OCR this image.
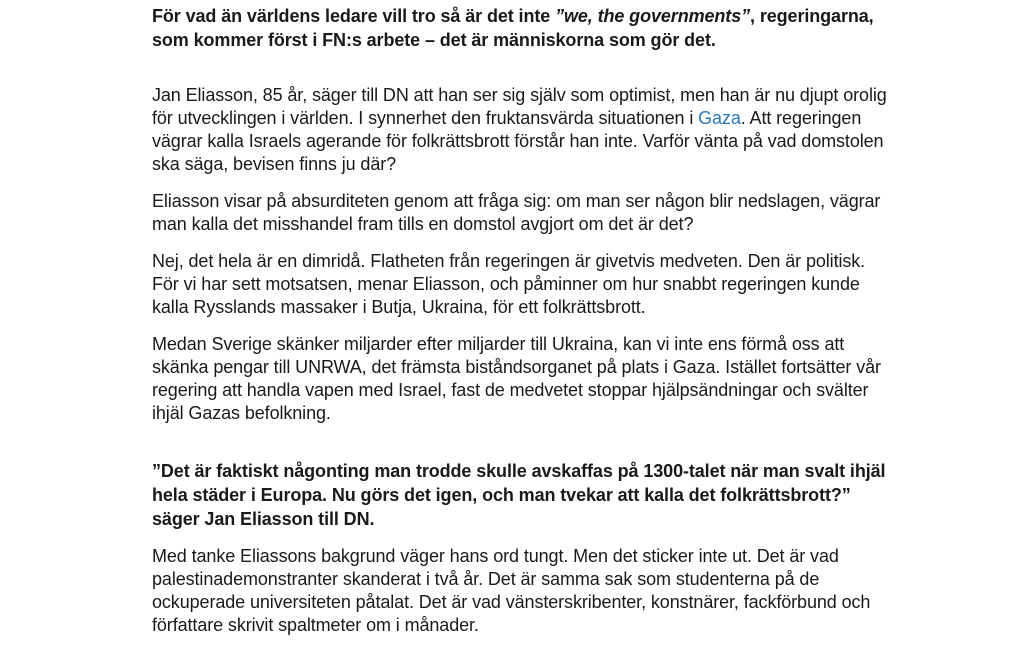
För vad än världens ledare vill tro så är det inte ”we, the governments”, regeringarna, som kommer först i FN:s arbete – det är människorna som gör det.

Jan Eliasson, 85 år, säger till DN att han ser sig själv som optimist, men han är nu djupt orolig för utvecklingen i världen. I synnerhet den fruktansvärda situationen i Gaza. Att regeringen vägrar kalla Israels agerande för folkrättsbrott förstår han inte. Varför vänta på vad domstolen ska säga, bevisen finns ju där?

Eliasson visar på absurditeten genom att fråga sig: om man ser någon blir nedslagen, vägrar man kalla det misshandel fram tills en domstol avgjort om det är det?

Nej, det hela är en dimridå. Flatheten från regeringen är givetvis medveten. Den är politisk. För vi har sett motsatsen, menar Eliasson, och påminner om hur snabbt regeringen kunde kalla Rysslands massaker i Butja, Ukraina, för ett folkrättsbrott.

Medan Sverige skänker miljarder efter miljarder till Ukraina, kan vi inte ens förmå oss att skänka pengar till UNRWA, det främsta biståndsorganet på plats i Gaza. Istället fortsätter vår regering att handla vapen med Israel, fast de medvetet stoppar hjälpsändningar och svälter ihjäl Gazas befolkning.

”Det är faktiskt någonting man trodde skulle avskaffas på 1300-talet när man svalt ihjäl hela städer i Europa. Nu görs det igen, och man tvekar att kalla det folkrättsbrott?” säger Jan Eliasson till DN.

Med tanke Eliassons bakgrund väger hans ord tungt. Men det sticker inte ut. Det är vad palestinademonstranter skanderat i två år. Det är samma sak som studenterna på de ockuperade universiteten påtalat. Det är vad vänsterskribenter, konstnärer, fackförbund och författare skrivit spaltmeter om i månader.
